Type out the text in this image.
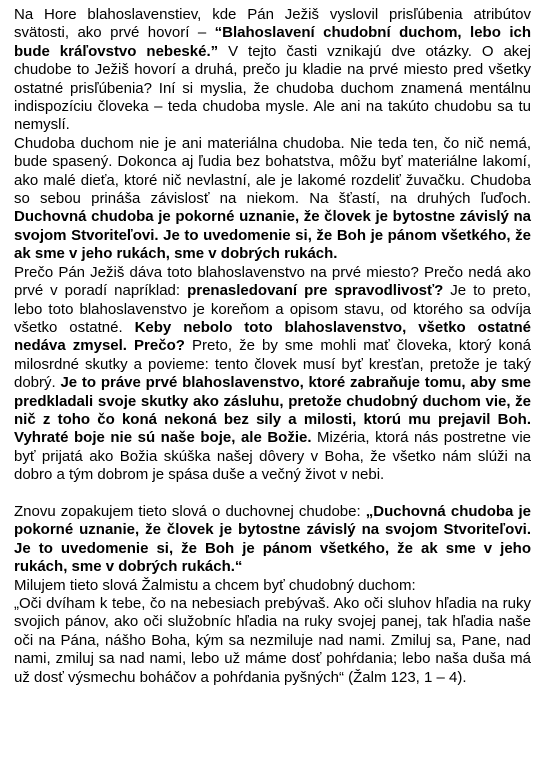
Na Hore blahoslavenstiev, kde Pán Ježiš vyslovil prisľúbenia atribútov svätosti, ako prvé hovorí – “Blahoslavení chudobní duchom, lebo ich bude kráľovstvo nebeské.” V tejto časti vznikajú dve otázky. O akej chudobe to Ježiš hovorí a druhá, prečo ju kladie na prvé miesto pred všetky ostatné prisľúbenia? Iní si myslia, že chudoba duchom znamená mentálnu indispozíciu človeka – teda chudoba mysle. Ale ani na takúto chudobu sa tu nemyslí.

Chudoba duchom nie je ani materiálna chudoba. Nie teda ten, čo nič nemá, bude spasený. Dokonca aj ľudia bez bohatstva, môžu byť materiálne lakomí, ako malé dieťa, ktoré nič nevlastní, ale je lakomé rozdeliť žuvačku. Chudoba so sebou prináša závislosť na niekom. Na šťastí, na druhých ľuďoch. Duchovná chudoba je pokorné uznanie, že človek je bytostne závislý na svojom Stvoriteľovi. Je to uvedomenie si, že Boh je pánom všetkého, že ak sme v jeho rukách, sme v dobrých rukách.

Prečo Pán Ježiš dáva toto blahoslavenstvo na prvé miesto? Prečo nedá ako prvé v poradí napríklad: prenasledovaní pre spravodlivosť? Je to preto, lebo toto blahoslavenstvo je koreňom a opisom stavu, od ktorého sa odvíja všetko ostatné. Keby nebolo toto blahoslavenstvo, všetko ostatné nedáva zmysel. Prečo? Preto, že by sme mohli mať človeka, ktorý koná milosrdné skutky a povieme: tento človek musí byť kresťan, pretože je taký dobrý. Je to práve prvé blahoslavenstvo, ktoré zabraňuje tomu, aby sme predkladali svoje skutky ako zásluhu, pretože chudobný duchom vie, že nič z toho čo koná nekoná bez sily a milosti, ktorú mu prejavil Boh. Vyhraté boje nie sú naše boje, ale Božie. Mizéria, ktorá nás postretne vie byť prijatá ako Božia skúška našej dôvery v Boha, že všetko nám slúži na dobro a tým dobrom je spása duše a večný život v nebi.

Znovu zopakujem tieto slová o duchovnej chudobe: „Duchovná chudoba je pokorné uznanie, že človek je bytostne závislý na svojom Stvoriteľovi. Je to uvedomenie si, že Boh je pánom všetkého, že ak sme v jeho rukách, sme v dobrých rukách.“

Milujem tieto slová Žalmistu a chcem byť chudobný duchom:

„Oči dvíham k tebe, čo na nebesiach prebývaš. Ako oči sluhov hľadia na ruky svojich pánov, ako oči služobníc hľadia na ruky svojej panej, tak hľadia naše oči na Pána, nášho Boha, kým sa nezmiluje nad nami. Zmiluj sa, Pane, nad nami, zmiluj sa nad nami, lebo už máme dosť pohŕdania; lebo naša duša má už dosť výsmechu boháčov a pohŕdania pyšných“ (Žalm 123, 1 – 4).
